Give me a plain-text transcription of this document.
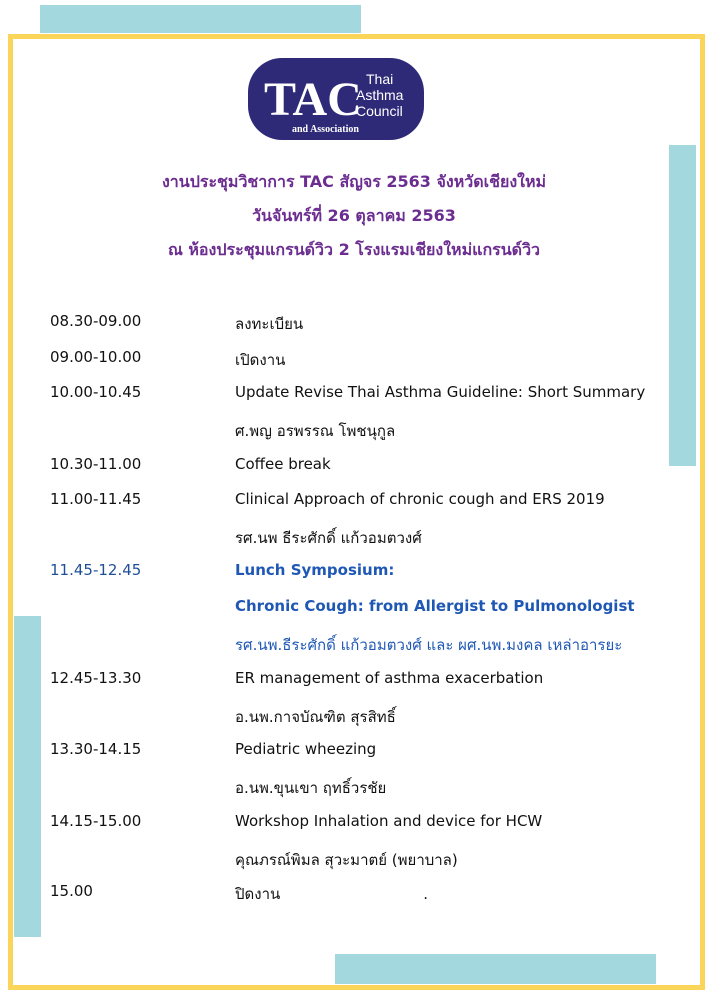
TAC Thai
Asthma
Council
and Association
งานประชุมวิชาการ TAC สัญจร 2563 จังหวัดเชียงใหม่
วันจันทร์ที่ 26 ตุลาคม 2563
ณ ห้องประชุมแกรนด์วิว 2 โรงแรมเชียงใหม่แกรนด์วิว
08.30-09.00	ลงทะเบียน
09.00-10.00	เปิดงาน
10.00-10.45	Update Revise Thai Asthma Guideline: Short Summary
ศ.พญ อรพรรณ โพชนุกูล
10.30-11.00	Coffee break
11.00-11.45	Clinical Approach of chronic cough and ERS 2019
รศ.นพ ธีระศักดิ์ แก้วอมตวงศ์
11.45-12.45	Lunch Symposium:
Chronic Cough: from Allergist to Pulmonologist
รศ.นพ.ธีระศักดิ์ แก้วอมตวงศ์ และ ผศ.นพ.มงคล เหล่าอารยะ
12.45-13.30	ER management of asthma exacerbation
อ.นพ.กาจบัณฑิต สุรสิทธิ์
13.30-14.15	Pediatric wheezing
อ.นพ.ขุนเขา ฤทธิ์วรชัย
14.15-15.00	Workshop Inhalation and device for HCW
คุณภรณ์พิมล สุวะมาตย์ (พยาบาล)
15.00	ปิดงาน                              .
